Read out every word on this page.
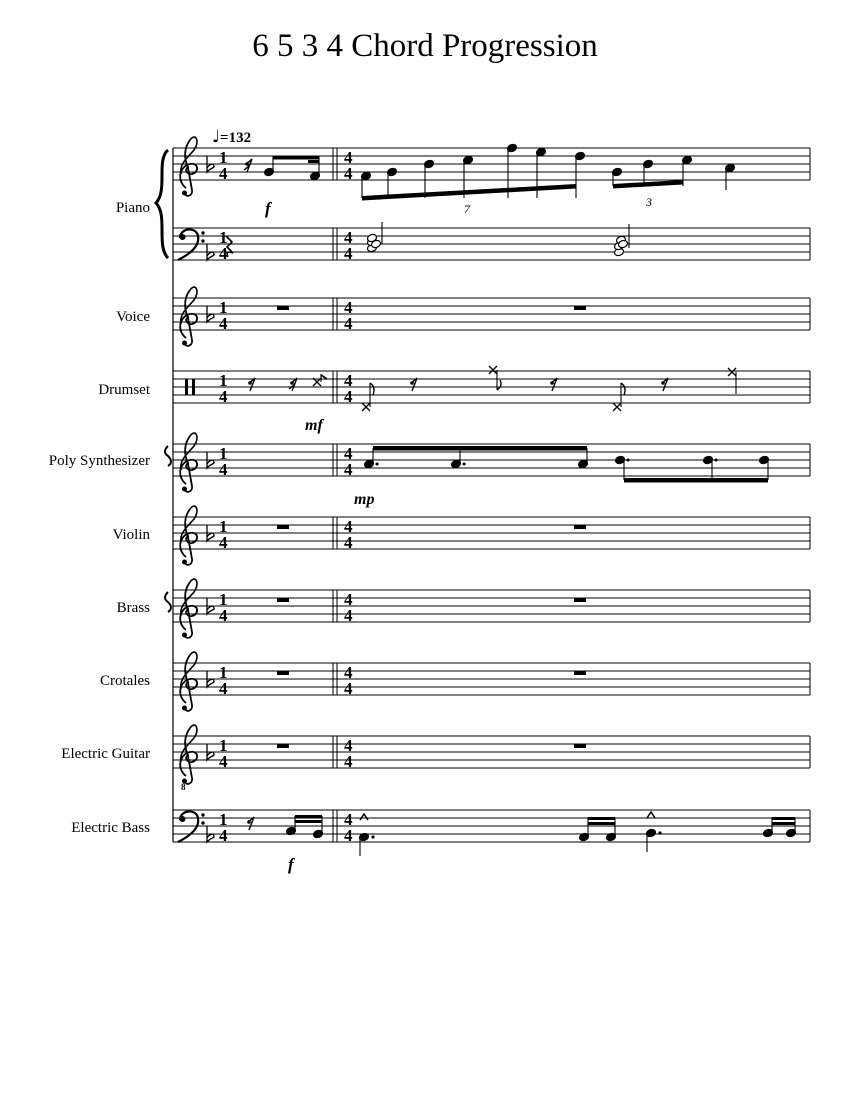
6 5 3 4 Chord Progression
♩=132
Piano
Voice
Drumset
Poly Synthesizer
Violin
Brass
Crotales
Electric Guitar
Electric Bass
1
4
4
4
1
4
4
4
1
4
4
4
1
4
4
4
1
4
4
4
1
4
4
4
1
4
4
4
1
4
4
4
1
4
4
4
1
4
4
4
f
mf
mp
f
7	3
8
